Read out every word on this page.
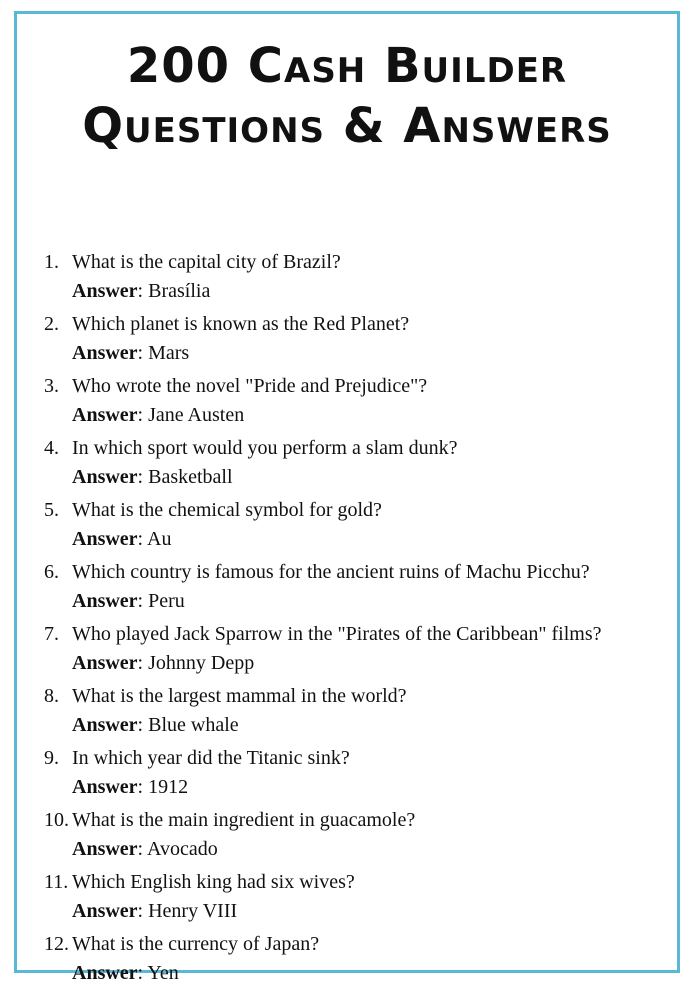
200 Cash Builder Questions & Answers
1. What is the capital city of Brazil?
Answer: Brasília
2. Which planet is known as the Red Planet?
Answer: Mars
3. Who wrote the novel "Pride and Prejudice"?
Answer: Jane Austen
4. In which sport would you perform a slam dunk?
Answer: Basketball
5. What is the chemical symbol for gold?
Answer: Au
6. Which country is famous for the ancient ruins of Machu Picchu?
Answer: Peru
7. Who played Jack Sparrow in the "Pirates of the Caribbean" films?
Answer: Johnny Depp
8. What is the largest mammal in the world?
Answer: Blue whale
9. In which year did the Titanic sink?
Answer: 1912
10. What is the main ingredient in guacamole?
Answer: Avocado
11. Which English king had six wives?
Answer: Henry VIII
12. What is the currency of Japan?
Answer: Yen
